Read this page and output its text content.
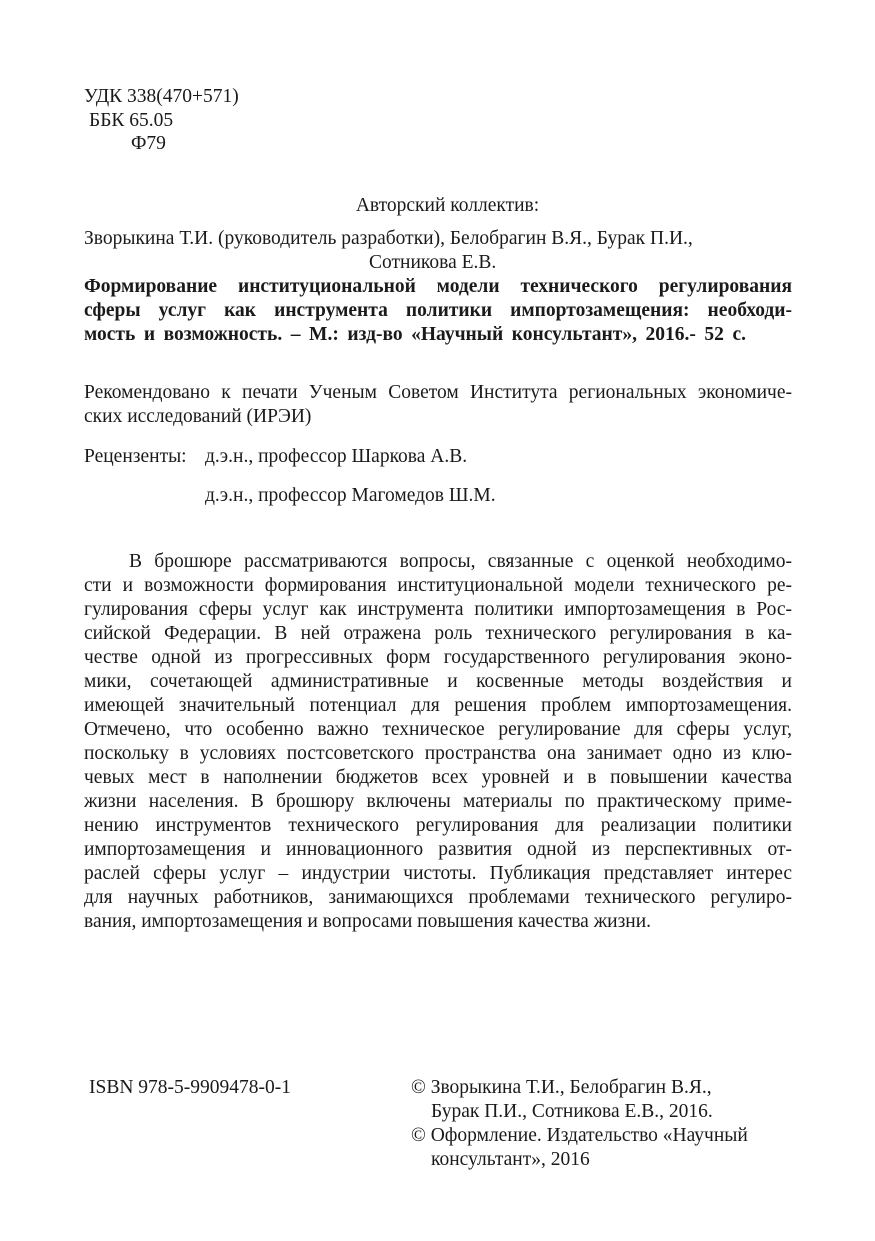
УДК 338(470+571)
ББК 65.05
Ф79
Авторский коллектив:
Зворыкина Т.И. (руководитель разработки), Белобрагин В.Я., Бурак П.И.,
Сотникова Е.В.
Формирование институциональной модели технического регулирования
сферы услуг как инструмента политики импортозамещения: необходи-
мость и возможность. – М.: изд-во «Научный консультант», 2016.- 52 с.
Рекомендовано к печати Ученым Советом Института региональных экономиче-
ских исследований (ИРЭИ)
Рецензенты: д.э.н., профессор Шаркова А.В.
д.э.н., профессор Магомедов Ш.М.
В брошюре рассматриваются вопросы, связанные с оценкой необходимо-
сти и возможности формирования институциональной модели технического ре-
гулирования сферы услуг как инструмента политики импортозамещения в Рос-
сийской Федерации. В ней отражена роль технического регулирования в ка-
честве одной из прогрессивных форм государственного регулирования эконо-
мики, сочетающей административные и косвенные методы воздействия и
имеющей значительный потенциал для решения проблем импортозамещения.
Отмечено, что особенно важно техническое регулирование для сферы услуг,
поскольку в условиях постсоветского пространства она занимает одно из клю-
чевых мест в наполнении бюджетов всех уровней и в повышении качества
жизни населения. В брошюру включены материалы по практическому приме-
нению инструментов технического регулирования для реализации политики
импортозамещения и инновационного развития одной из перспективных от-
раслей сферы услуг – индустрии чистоты. Публикация представляет интерес
для научных работников, занимающихся проблемами технического регулиро-
вания, импортозамещения и вопросами повышения качества жизни.
ISBN 978-5-9909478-0-1	© Зворыкина Т.И., Белобрагин В.Я.,
Бурак П.И., Сотникова Е.В., 2016.
© Оформление. Издательство «Научный
консультант», 2016
